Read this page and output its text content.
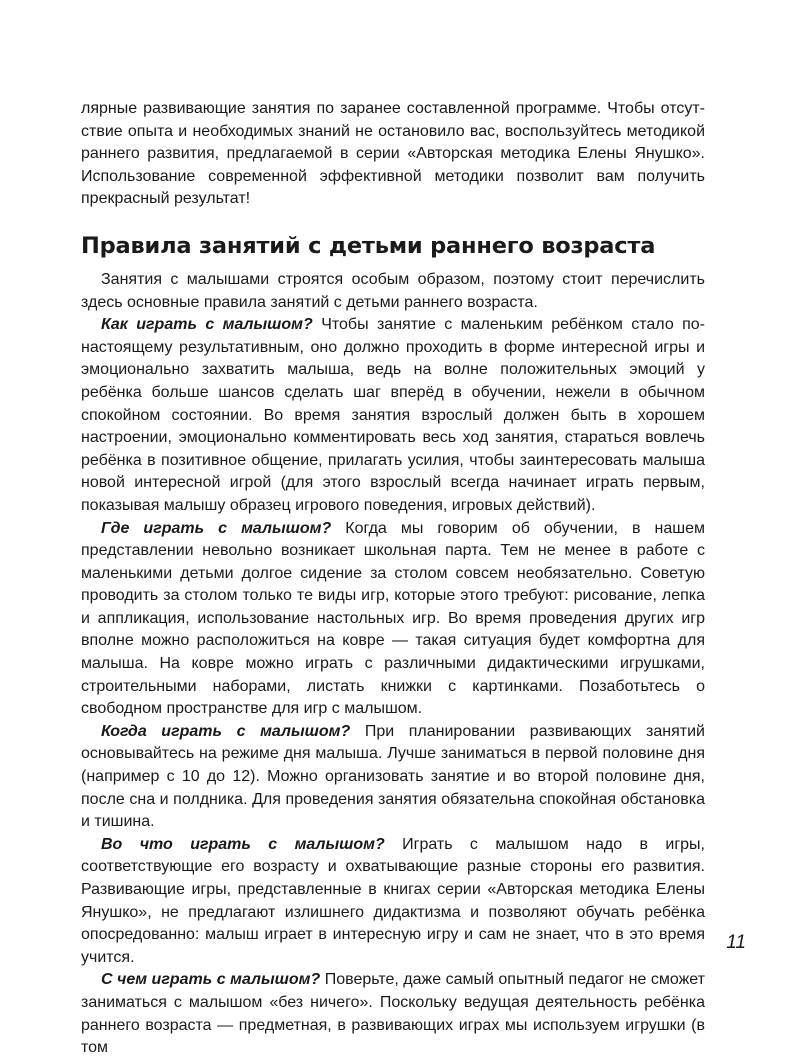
лярные развивающие занятия по заранее составленной программе. Чтобы отсутствие опыта и необходимых знаний не остановило вас, воспользуйтесь методикой раннего развития, предлагаемой в серии «Авторская методика Елены Янушко». Использование современной эффективной методики позволит вам получить прекрасный результат!

Правила занятий с детьми раннего возраста

Занятия с малышами строятся особым образом, поэтому стоит перечислить здесь основные правила занятий с детьми раннего возраста.

Как играть с малышом? Чтобы занятие с маленьким ребёнком стало по-настоящему результативным, оно должно проходить в форме интересной игры и эмоционально захватить малыша, ведь на волне положительных эмоций у ребёнка больше шансов сделать шаг вперёд в обучении, нежели в обычном спокойном состоянии. Во время занятия взрослый должен быть в хорошем настроении, эмоционально комментировать весь ход занятия, стараться вовлечь ребёнка в позитивное общение, прилагать усилия, чтобы заинтересовать малыша новой интересной игрой (для этого взрослый всегда начинает играть первым, показывая малышу образец игрового поведения, игровых действий).

Где играть с малышом? Когда мы говорим об обучении, в нашем представлении невольно возникает школьная парта. Тем не менее в работе с маленькими детьми долгое сидение за столом совсем необязательно. Советую проводить за столом только те виды игр, которые этого требуют: рисование, лепка и аппликация, использование настольных игр. Во время проведения других игр вполне можно расположиться на ковре — такая ситуация будет комфортна для малыша. На ковре можно играть с различными дидактическими игрушками, строительными наборами, листать книжки с картинками. Позаботьтесь о свободном пространстве для игр с малышом.

Когда играть с малышом? При планировании развивающих занятий основывайтесь на режиме дня малыша. Лучше заниматься в первой половине дня (например с 10 до 12). Можно организовать занятие и во второй половине дня, после сна и полдника. Для проведения занятия обязательна спокойная обстановка и тишина.

Во что играть с малышом? Играть с малышом надо в игры, соответствующие его возрасту и охватывающие разные стороны его развития. Развивающие игры, представленные в книгах серии «Авторская методика Елены Янушко», не предлагают излишнего дидактизма и позволяют обучать ребёнка опосредованно: малыш играет в интересную игру и сам не знает, что в это время учится.

С чем играть с малышом? Поверьте, даже самый опытный педагог не сможет заниматься с малышом «без ничего». Поскольку ведущая деятельность ребёнка раннего возраста — предметная, в развивающих играх мы используем игрушки (в том

11
